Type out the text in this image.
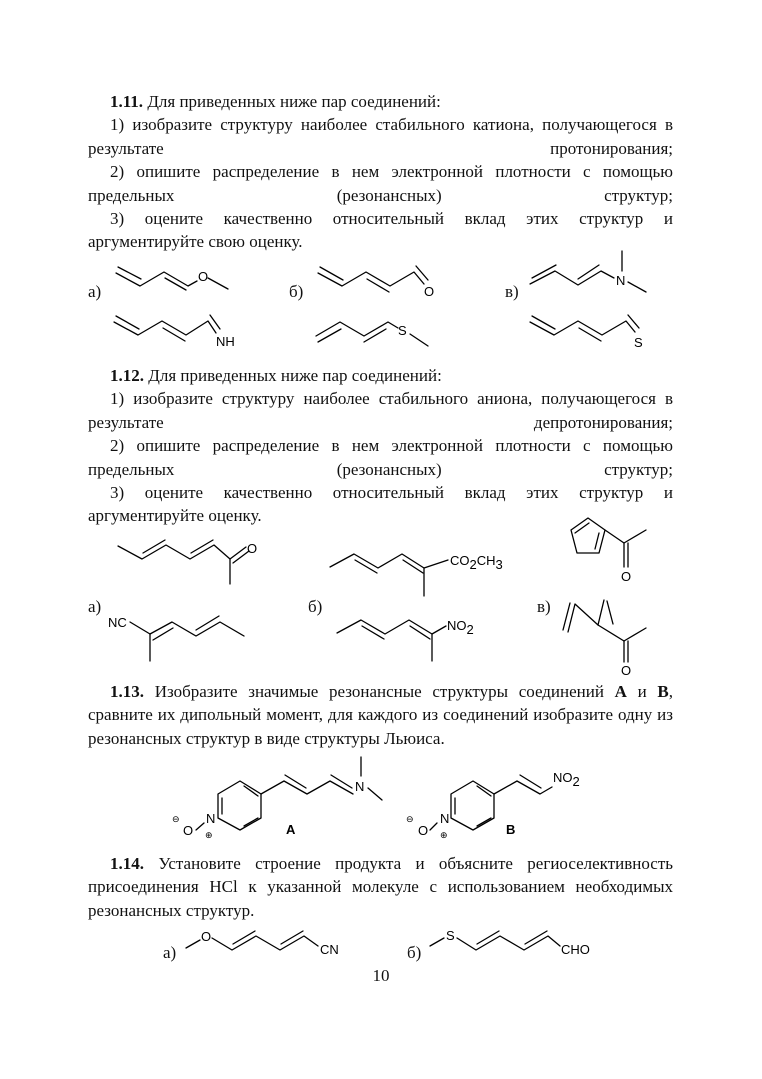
1.11. Для приведенных ниже пар соединений:

1) изобразите структуру наиболее стабильного катиона, получающегося в результате протонирования;

2) опишите распределение в нем электронной плотности с помощью предельных (резонансных) структур;

3) оцените качественно относительный вклад этих структур и аргументируйте свою оценку.

а)	б)	в)
O
O
N
NH
S
S

1.12. Для приведенных ниже пар соединений:

1) изобразите структуру наиболее стабильного аниона, получающегося в результате депротонирования;

2) опишите распределение в нем электронной плотности с помощью предельных (резонансных) структур;

3) оцените качественно относительный вклад этих структур и аргументируйте оценку.

а)	б)	в)
O
CO2CH3
O
NC	NO2
O

1.13. Изобразите значимые резонансные структуры соединений A и B, сравните их дипольный момент, для каждого из соединений изобразите одну из резонансных структур в виде структуры Льюиса.

N
O
⊖
⊕
N
A
N
O
⊖
⊕
NO2
B

1.14. Установите строение продукта и объясните региоселективность присоединения HCl к указанной молекуле с использованием необходимых резонансных структур.

а)	б)
O
CN
S
CHO
10
